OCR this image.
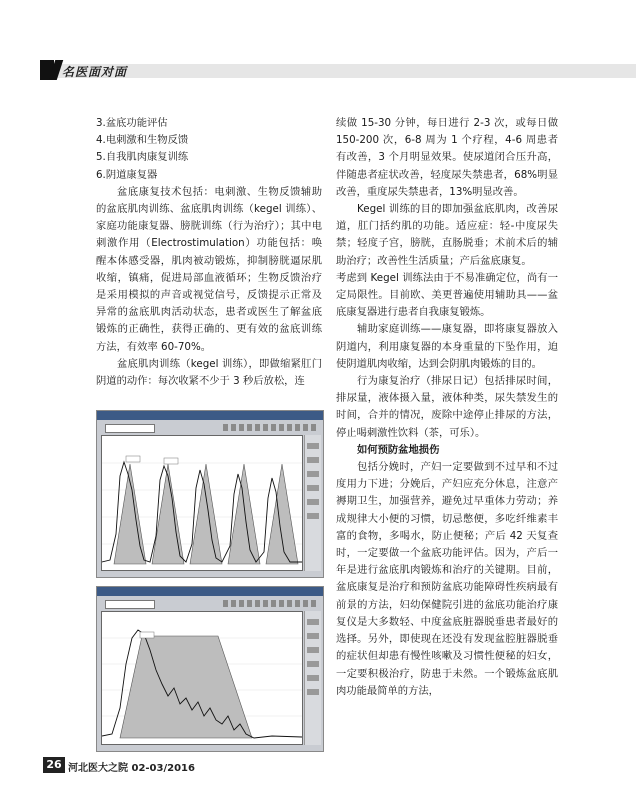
名医面对面

3.盆底功能评估

4.电刺激和生物反馈

5.自我肌肉康复训练

6.阴道康复器

盆底康复技术包括：电刺激、生物反馈辅助的盆底肌肉训练、盆底肌肉训练（kegel 训练）、家庭功能康复器、膀胱训练（行为治疗）；其中电刺激作用（Electrostimulation）功能包括：唤醒本体感受器，肌肉被动锻炼，抑制膀胱逼尿肌收缩，镇痛，促进局部血液循环；生物反馈治疗是采用模拟的声音或视觉信号，反馈提示正常及异常的盆底肌肉活动状态，患者或医生了解盆底锻炼的正确性，获得正确的、更有效的盆底训练方法，有效率 60-70%。

盆底肌肉训练（kegel 训练），即做缩紧肛门阴道的动作：每次收紧不少于 3 秒后放松，连

续做 15-30 分钟，每日进行 2-3 次，或每日做 150-200 次，6-8 周为 1 个疗程，4-6 周患者有改善，3 个月明显效果。使尿道闭合压升高，伴随患者症状改善，轻度尿失禁患者，68%明显改善，重度尿失禁患者，13%明显改善。

Kegel 训练的目的即加强盆底肌肉，改善尿道，肛门括约肌的功能。适应症：轻-中度尿失禁；轻度子宫，膀胱，直肠脱垂；术前术后的辅助治疗；改善性生活质量；产后盆底康复。

考虑到 Kegel 训练法由于不易准确定位，尚有一定局限性。目前欧、美更普遍使用辅助具——盆底康复器进行患者自我康复锻炼。

辅助家庭训练——康复器，即将康复器放入阴道内，利用康复器的本身重量的下坠作用，迫使阴道肌肉收缩，达到会阴肌肉锻炼的目的。

行为康复治疗（排尿日记）包括排尿时间，排尿量，液体摄入量，液体种类，尿失禁发生的时间，合并的情况，废除中途停止排尿的方法，停止喝刺激性饮料（茶，可乐）。

如何预防盆地损伤

包括分娩时，产妇一定要做到不过早和不过度用力下进；分娩后，产妇应充分休息，注意产褥期卫生，加强营养，避免过早重体力劳动；养成规律大小便的习惯，切忌憋便，多吃纤维素丰富的食物，多喝水，防止便秘；产后 42 天复查时，一定要做一个盆底功能评估。因为，产后一年是进行盆底肌肉锻炼和治疗的关键期。目前，盆底康复是治疗和预防盆底功能障碍性疾病最有前景的方法，妇幼保健院引进的盆底功能治疗康复仪是大多数轻、中度盆底脏器脱垂患者最好的选择。另外，即使现在还没有发现盆腔脏器脱垂的症状但却患有慢性咳嗽及习惯性便秘的妇女，一定要积极治疗，防患于未然。一个锻炼盆底肌肉功能最简单的方法，

26 河北医大之院 02-03/2016
